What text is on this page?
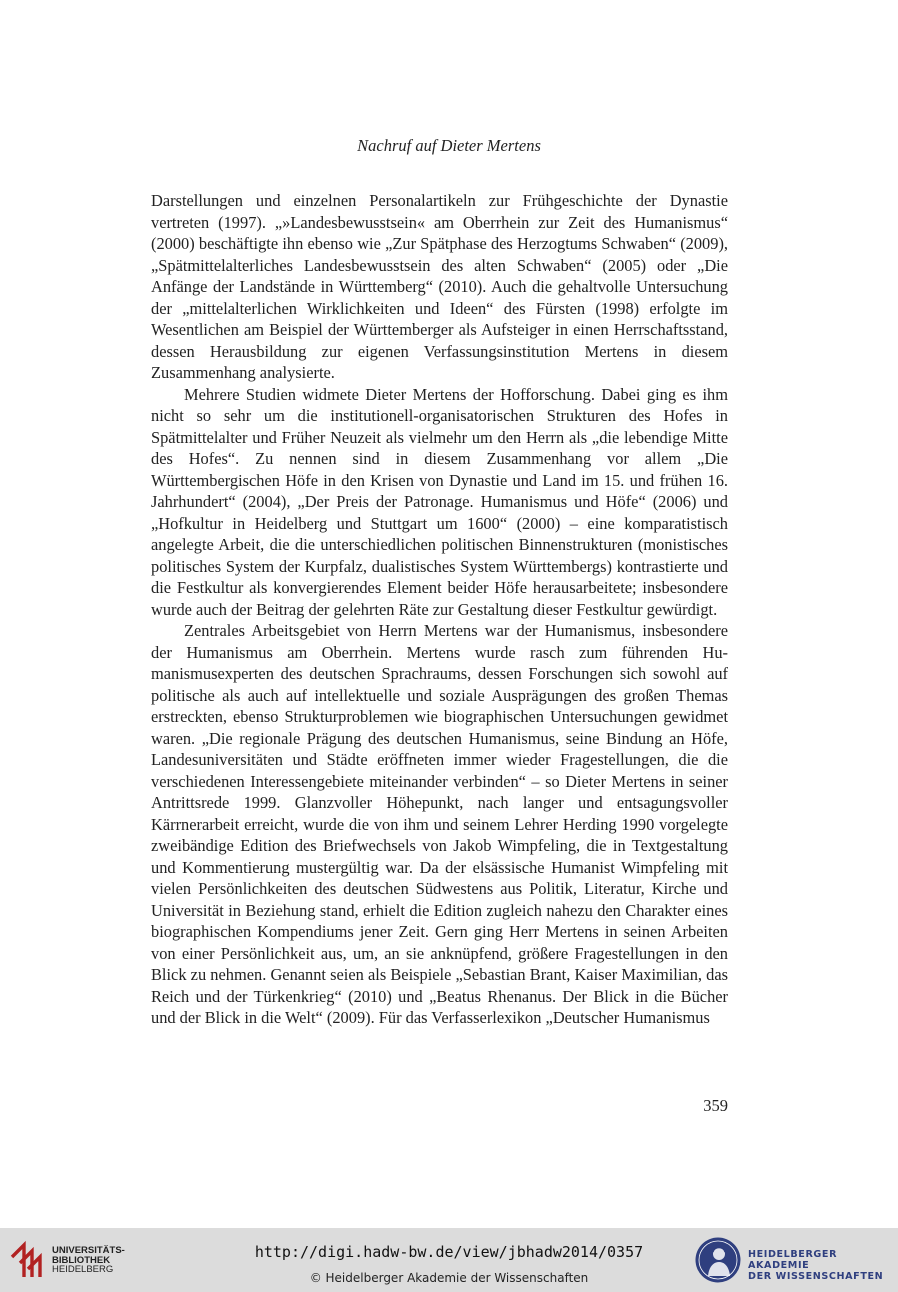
Nachruf auf Dieter Mertens

Darstellungen und einzelnen Personalartikeln zur Frühgeschichte der Dynastie vertreten (1997). „»Landesbewusstsein« am Oberrhein zur Zeit des Humanismus“ (2000) beschäftigte ihn ebenso wie „Zur Spätphase des Herzogtums Schwaben“ (2009), „Spätmittelalterliches Landesbewusstsein des alten Schwaben“ (2005) oder „Die Anfänge der Landstände in Württemberg“ (2010). Auch die gehaltvolle Untersuchung der „mittelalterlichen Wirklichkeiten und Ideen“ des Fürsten (1998) erfolgte im Wesentlichen am Beispiel der Württemberger als Aufsteiger in einen Herrschaftsstand, dessen Herausbildung zur eigenen Verfassungsinstitution Mertens in diesem Zusammenhang analysierte.

Mehrere Studien widmete Dieter Mertens der Hofforschung. Dabei ging es ihm nicht so sehr um die institutionell-organisatorischen Strukturen des Hofes in Spätmittelalter und Früher Neuzeit als vielmehr um den Herrn als „die lebendige Mitte des Hofes“. Zu nennen sind in diesem Zusammenhang vor allem „Die Württembergischen Höfe in den Krisen von Dynastie und Land im 15. und frühen 16. Jahrhundert“ (2004), „Der Preis der Patronage. Humanismus und Höfe“ (2006) und „Hofkultur in Heidelberg und Stuttgart um 1600“ (2000) – eine komparatistisch angelegte Arbeit, die die unterschiedlichen politischen Binnenstrukturen (monistisches politisches System der Kurpfalz, dualistisches System Württembergs) kontrastierte und die Festkultur als konvergierendes Element beider Höfe herausarbeitete; insbesondere wurde auch der Beitrag der gelehrten Räte zur Gestaltung dieser Festkultur gewürdigt.

Zentrales Arbeitsgebiet von Herrn Mertens war der Humanismus, insbesondere der Humanismus am Oberrhein. Mertens wurde rasch zum führenden Humanismusexperten des deutschen Sprachraums, dessen Forschungen sich sowohl auf politische als auch auf intellektuelle und soziale Ausprägungen des großen Themas erstreckten, ebenso Strukturproblemen wie biographischen Untersuchungen gewidmet waren. „Die regionale Prägung des deutschen Humanismus, seine Bindung an Höfe, Landesuniversitäten und Städte eröffneten immer wieder Fragestellungen, die die verschiedenen Interessengebiete miteinander verbinden“ – so Dieter Mertens in seiner Antrittsrede 1999. Glanzvoller Höhepunkt, nach langer und entsagungsvoller Kärrnerarbeit erreicht, wurde die von ihm und seinem Lehrer Herding 1990 vorgelegte zweibändige Edition des Briefwechsels von Jakob Wimpfeling, die in Textgestaltung und Kommentierung mustergültig war. Da der elsässische Humanist Wimpfeling mit vielen Persönlichkeiten des deutschen Südwestens aus Politik, Literatur, Kirche und Universität in Beziehung stand, erhielt die Edition zugleich nahezu den Charakter eines biographischen Kompendiums jener Zeit. Gern ging Herr Mertens in seinen Arbeiten von einer Persönlichkeit aus, um, an sie anknüpfend, größere Fragestellungen in den Blick zu nehmen. Genannt seien als Beispiele „Sebastian Brant, Kaiser Maximilian, das Reich und der Türkenkrieg“ (2010) und „Beatus Rhenanus. Der Blick in die Bücher und der Blick in die Welt“ (2009). Für das Verfasserlexikon „Deutscher Humanismus

359
UNIVERSITÄTS-
BIBLIOTHEK
HEIDELBERG
http://digi.hadw-bw.de/view/jbhadw2014/0357
© Heidelberger Akademie der Wissenschaften
HEIDELBERGER AKADEMIE
DER WISSENSCHAFTEN
